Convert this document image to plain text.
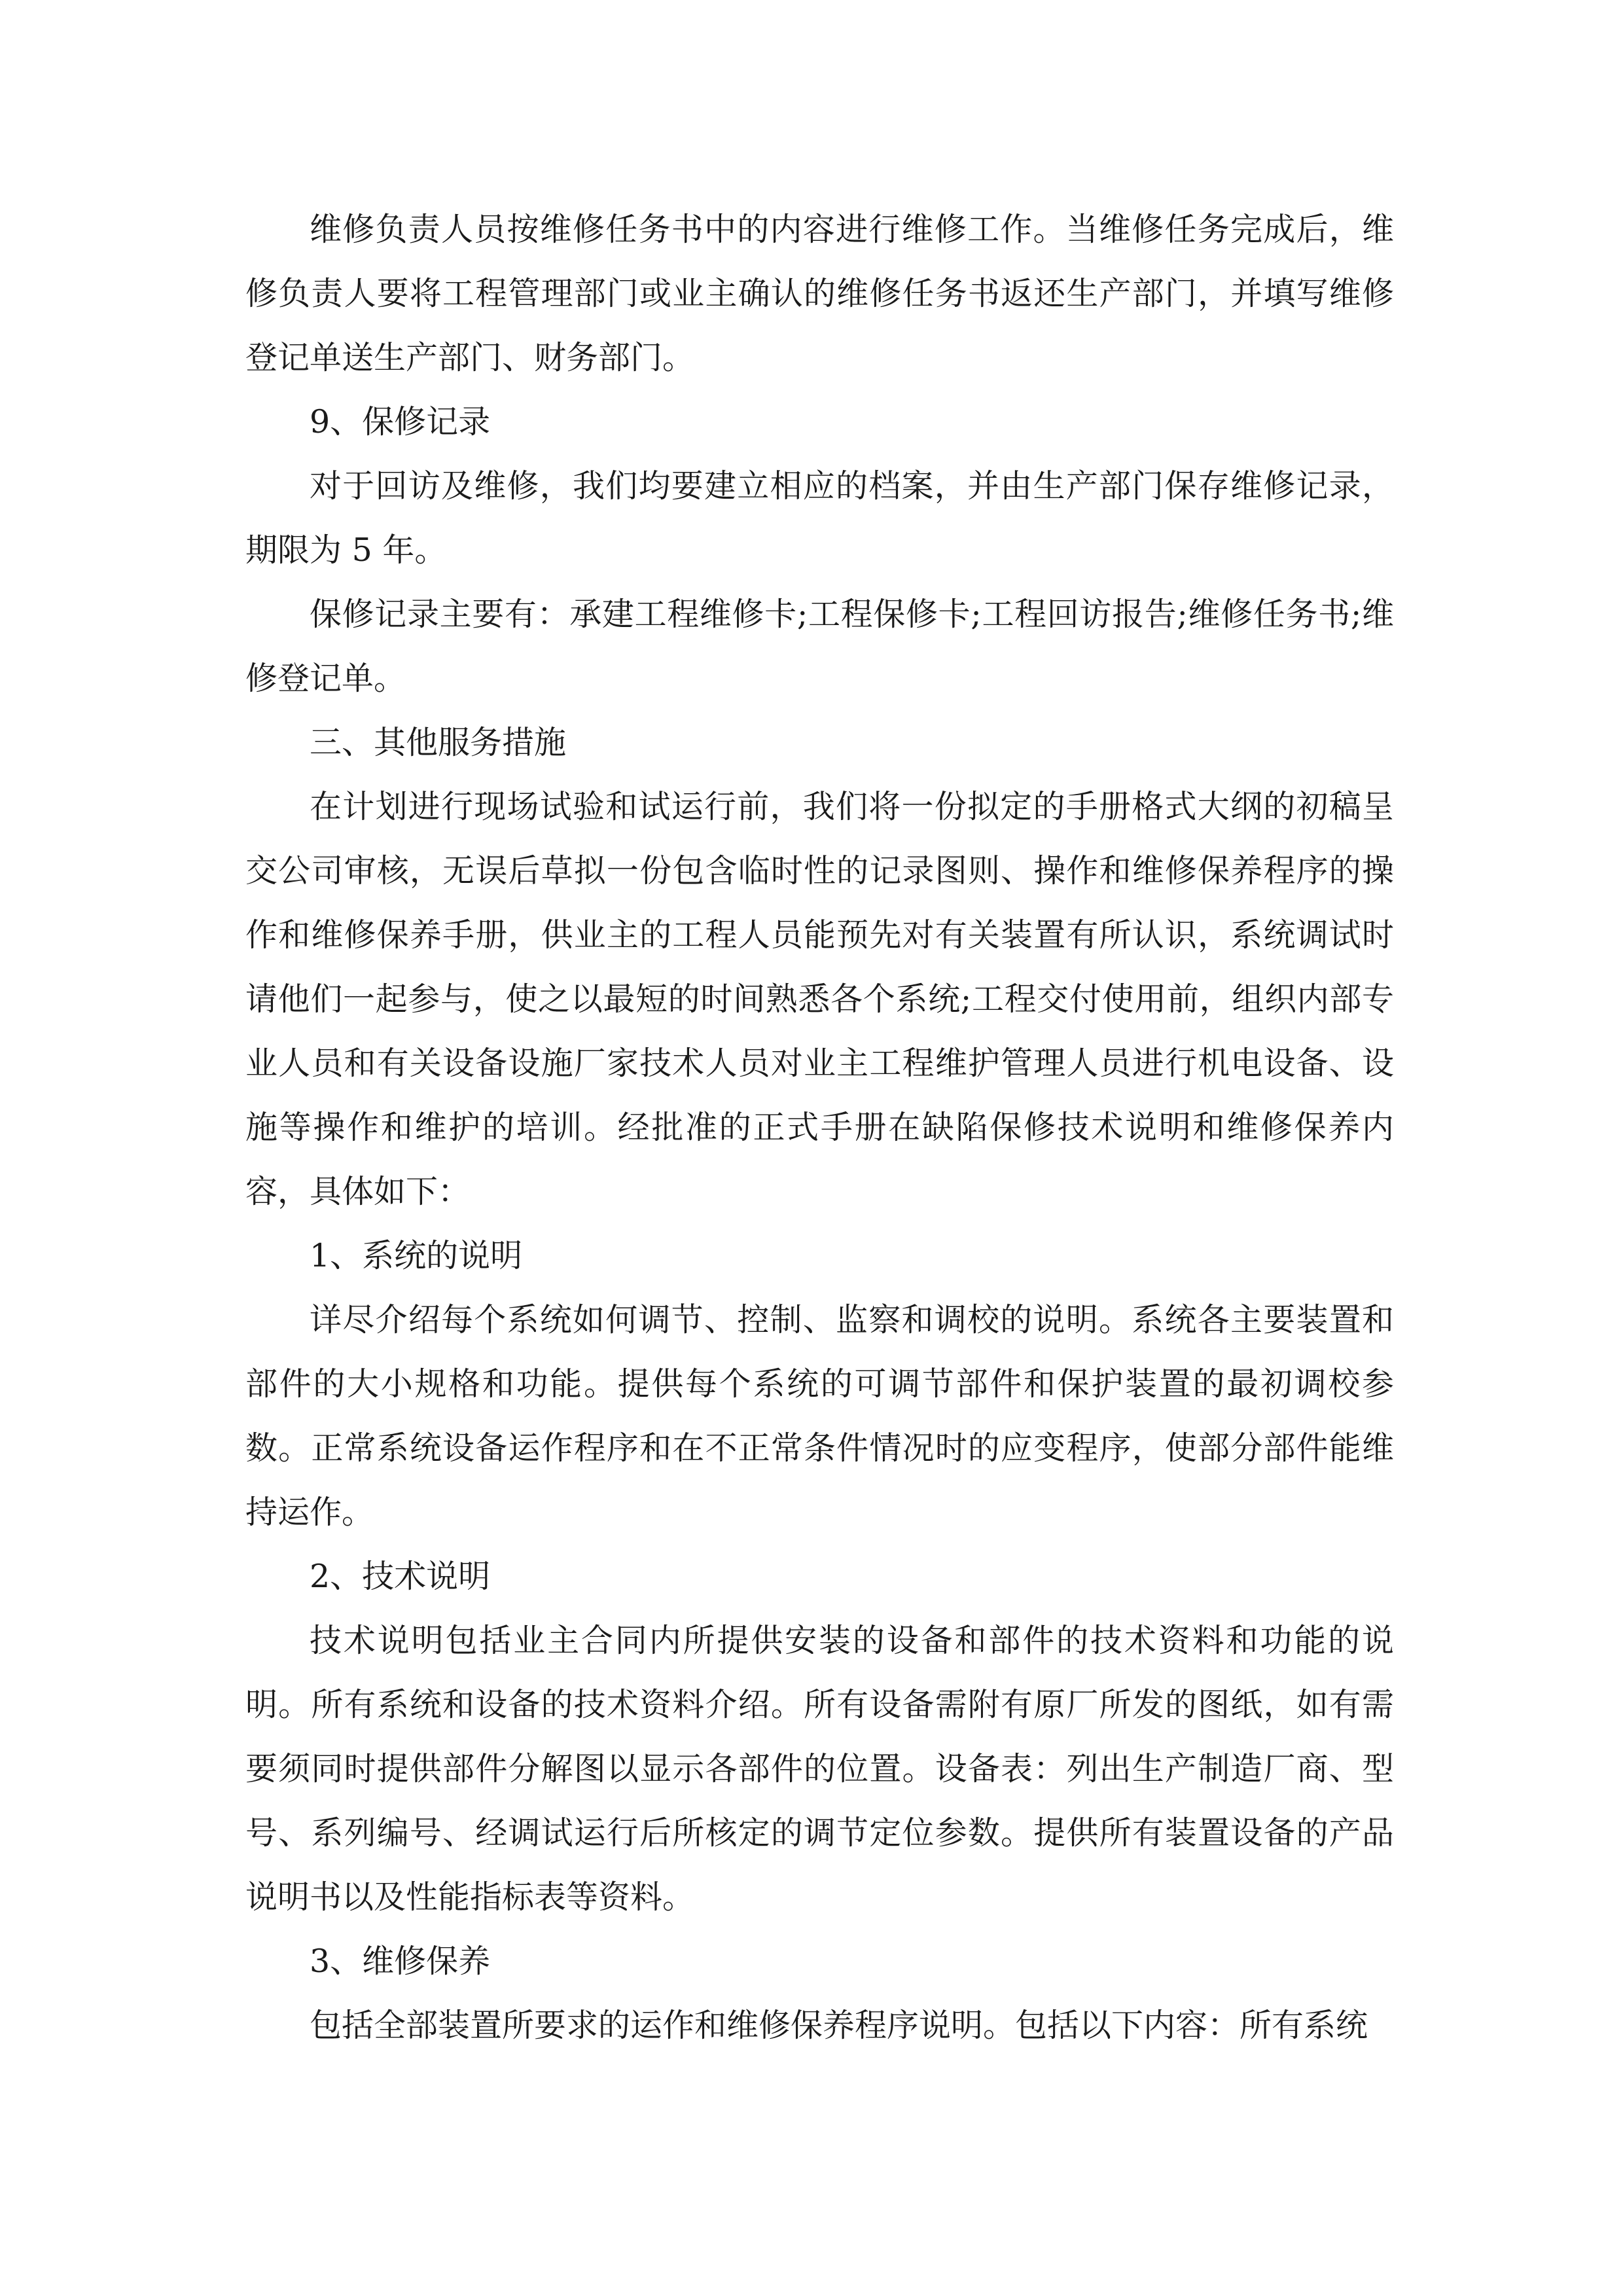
维修负责人员按维修任务书中的内容进行维修工作。当维修任务完成后，维修负责人要将工程管理部门或业主确认的维修任务书返还生产部门，并填写维修登记单送生产部门、财务部门。

9、保修记录

对于回访及维修，我们均要建立相应的档案，并由生产部门保存维修记录，期限为 5 年。

保修记录主要有：承建工程维修卡;工程保修卡;工程回访报告;维修任务书;维修登记单。

三、其他服务措施

在计划进行现场试验和试运行前，我们将一份拟定的手册格式大纲的初稿呈交公司审核，无误后草拟一份包含临时性的记录图则、操作和维修保养程序的操作和维修保养手册，供业主的工程人员能预先对有关装置有所认识，系统调试时请他们一起参与，使之以最短的时间熟悉各个系统;工程交付使用前，组织内部专业人员和有关设备设施厂家技术人员对业主工程维护管理人员进行机电设备、设施等操作和维护的培训。经批准的正式手册在缺陷保修技术说明和维修保养内容，具体如下：

1、系统的说明

详尽介绍每个系统如何调节、控制、监察和调校的说明。系统各主要装置和部件的大小规格和功能。提供每个系统的可调节部件和保护装置的最初调校参数。正常系统设备运作程序和在不正常条件情况时的应变程序，使部分部件能维持运作。

2、技术说明

技术说明包括业主合同内所提供安装的设备和部件的技术资料和功能的说明。所有系统和设备的技术资料介绍。所有设备需附有原厂所发的图纸，如有需要须同时提供部件分解图以显示各部件的位置。设备表：列出生产制造厂商、型号、系列编号、经调试运行后所核定的调节定位参数。提供所有装置设备的产品说明书以及性能指标表等资料。

3、维修保养

包括全部装置所要求的运作和维修保养程序说明。包括以下内容：所有系统
